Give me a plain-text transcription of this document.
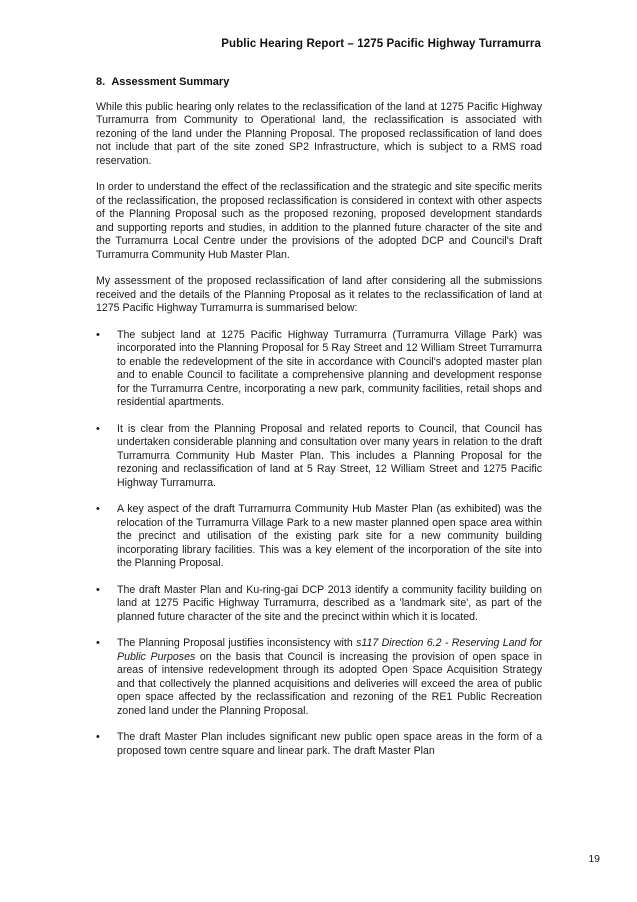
Public Hearing Report – 1275 Pacific Highway Turramurra
8. Assessment Summary

While this public hearing only relates to the reclassification of the land at 1275 Pacific Highway Turramurra from Community to Operational land, the reclassification is associated with rezoning of the land under the Planning Proposal. The proposed reclassification of land does not include that part of the site zoned SP2 Infrastructure, which is subject to a RMS road reservation.

In order to understand the effect of the reclassification and the strategic and site specific merits of the reclassification, the proposed reclassification is considered in context with other aspects of the Planning Proposal such as the proposed rezoning, proposed development standards and supporting reports and studies, in addition to the planned future character of the site and the Turramurra Local Centre under the provisions of the adopted DCP and Council's Draft Turramurra Community Hub Master Plan.

My assessment of the proposed reclassification of land after considering all the submissions received and the details of the Planning Proposal as it relates to the reclassification of land at 1275 Pacific Highway Turramurra is summarised below:

• The subject land at 1275 Pacific Highway Turramurra (Turramurra Village Park) was incorporated into the Planning Proposal for 5 Ray Street and 12 William Street Turramurra to enable the redevelopment of the site in accordance with Council's adopted master plan and to enable Council to facilitate a comprehensive planning and development response for the Turramurra Centre, incorporating a new park, community facilities, retail shops and residential apartments.
• It is clear from the Planning Proposal and related reports to Council, that Council has undertaken considerable planning and consultation over many years in relation to the draft Turramurra Community Hub Master Plan. This includes a Planning Proposal for the rezoning and reclassification of land at 5 Ray Street, 12 William Street and 1275 Pacific Highway Turramurra.
• A key aspect of the draft Turramurra Community Hub Master Plan (as exhibited) was the relocation of the Turramurra Village Park to a new master planned open space area within the precinct and utilisation of the existing park site for a new community building incorporating library facilities. This was a key element of the incorporation of the site into the Planning Proposal.
• The draft Master Plan and Ku-ring-gai DCP 2013 identify a community facility building on land at 1275 Pacific Highway Turramurra, described as a 'landmark site', as part of the planned future character of the site and the precinct within which it is located.
• The Planning Proposal justifies inconsistency with s117 Direction 6.2 - Reserving Land for Public Purposes on the basis that Council is increasing the provision of open space in areas of intensive redevelopment through its adopted Open Space Acquisition Strategy and that collectively the planned acquisitions and deliveries will exceed the area of public open space affected by the reclassification and rezoning of the RE1 Public Recreation zoned land under the Planning Proposal.
• The draft Master Plan includes significant new public open space areas in the form of a proposed town centre square and linear park. The draft Master Plan
19
